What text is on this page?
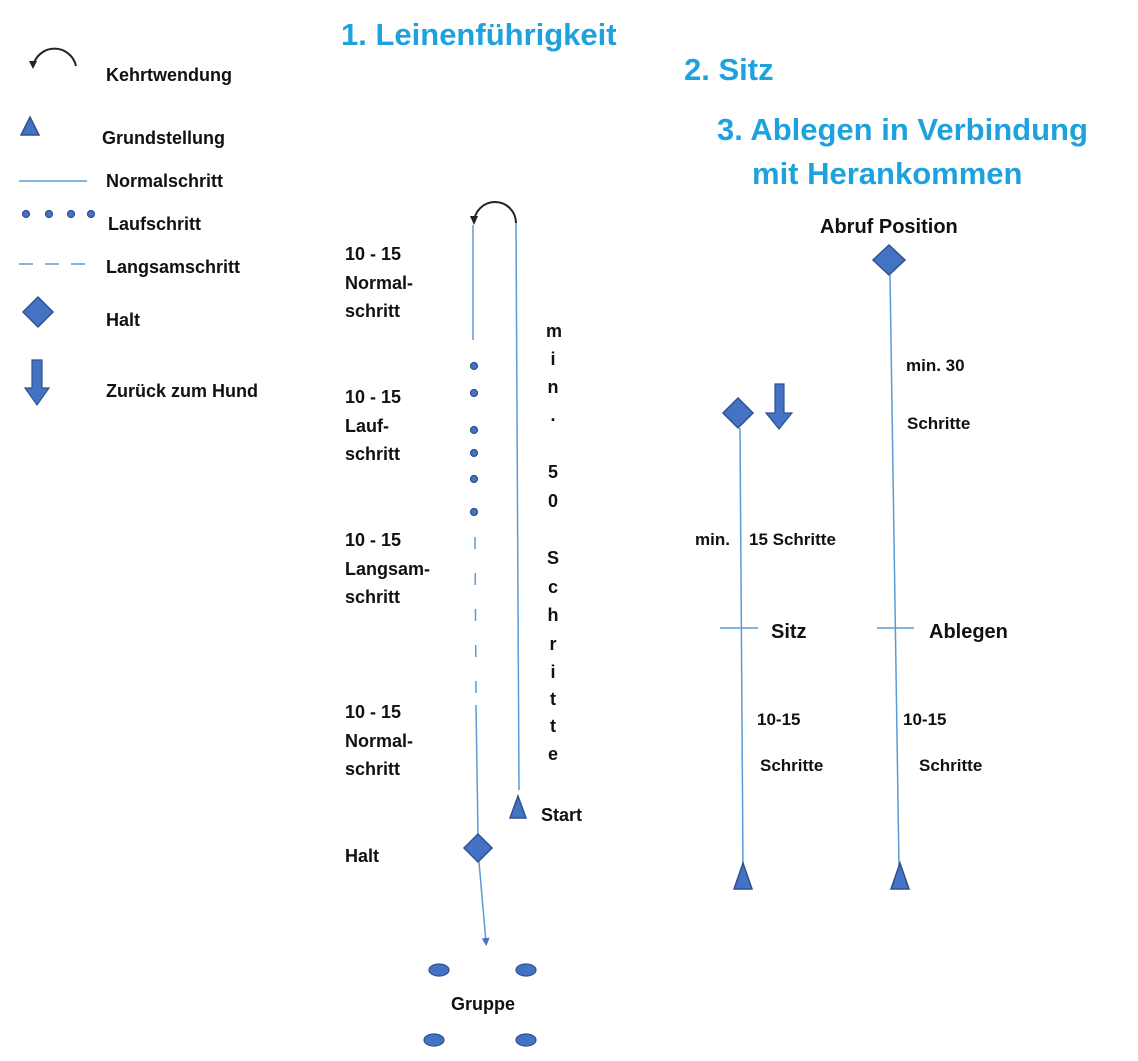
1. Leinenführigkeit
2. Sitz
3. Ablegen in Verbindung
mit Herankommen
Kehrtwendung
Grundstellung
Normalschritt
Laufschritt
Langsamschritt
Halt
Zurück zum Hund
10 - 15
Normal-
schritt
10 - 15
Lauf-
schritt
10 - 15
Langsam-
schritt
10 - 15
Normal-
schritt
m
i
n
.
5
0
S
c
h
r
i
t
t
e
Start
Halt
Gruppe
min. 15 Schritte
Sitz
10-15
Schritte
Abruf Position
min. 30
Schritte
Ablegen
10-15
Schritte
